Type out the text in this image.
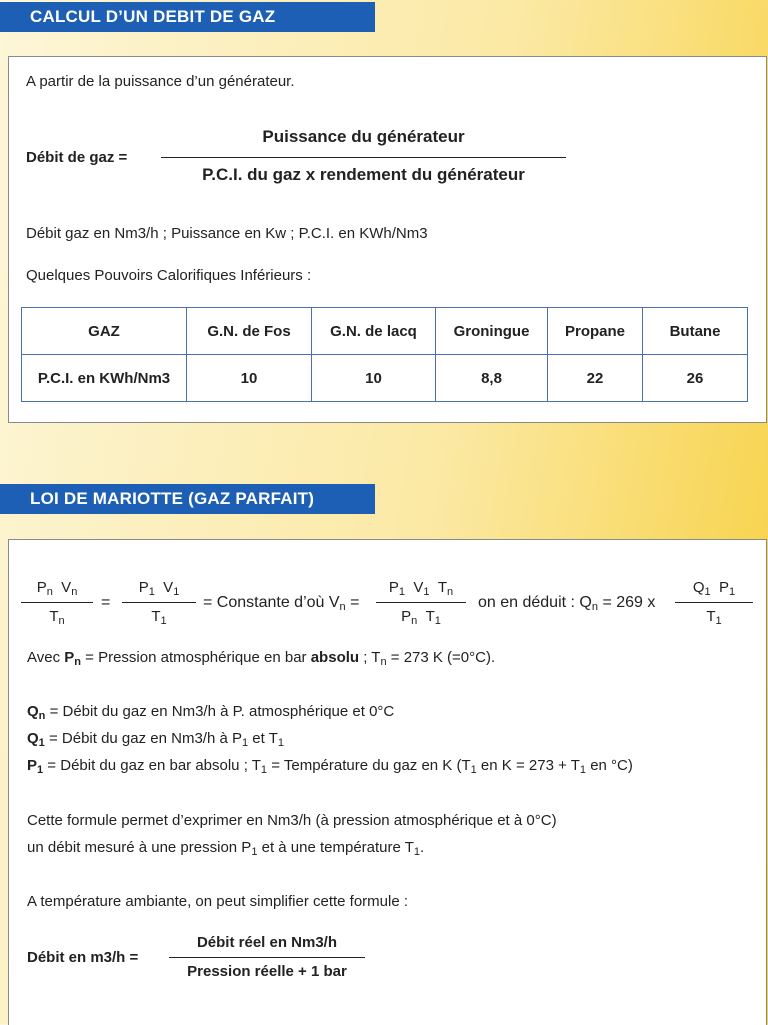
CALCUL D’UN DEBIT DE GAZ
A partir de la puissance d’un générateur.
Débit de gaz =
Puissance du générateur
P.C.I. du gaz x rendement du générateur
Débit gaz en Nm3/h ; Puissance en Kw ; P.C.I. en KWh/Nm3
Quelques Pouvoirs Calorifiques Inférieurs :
GAZ	G.N. de Fos	G.N. de lacq	Groningue	Propane	Butane
P.C.I. en KWh/Nm3	10	10	8,8	22	26
LOI DE MARIOTTE (GAZ PARFAIT)
$P_n$ $V_n$
$T_n$
=
$P_1$ $V_1$
$T_1$
= Constante d’où Vn =
$P_1$ $V_1$ $T_n$
$P_n$ $T_1$
on en déduit : Qn = 269 x
$Q_1$ $P_1$
$T_1$
Avec $P_n$ = Pression atmosphérique en bar absolu ; $T_n = 273$ K (=0°C).
$Q_n$ = Débit du gaz en Nm3/h à P. atmosphérique et 0°C
$Q_1$ = Débit du gaz en Nm3/h à $P_1$ et $T_1$
$P_1$ = Débit du gaz en bar absolu ; $T_1$ = Température du gaz en K ($T_1$ en $K = 273 + T_1$ en °C)
Cette formule permet d’exprimer en Nm3/h (à pression atmosphérique et à 0°C)
un débit mesuré à une pression $P_1$ et à une température $T_1$.
A température ambiante, on peut simplifier cette formule :
Débit en m3/h =
Débit réel en Nm3/h
Pression réelle + 1 bar
